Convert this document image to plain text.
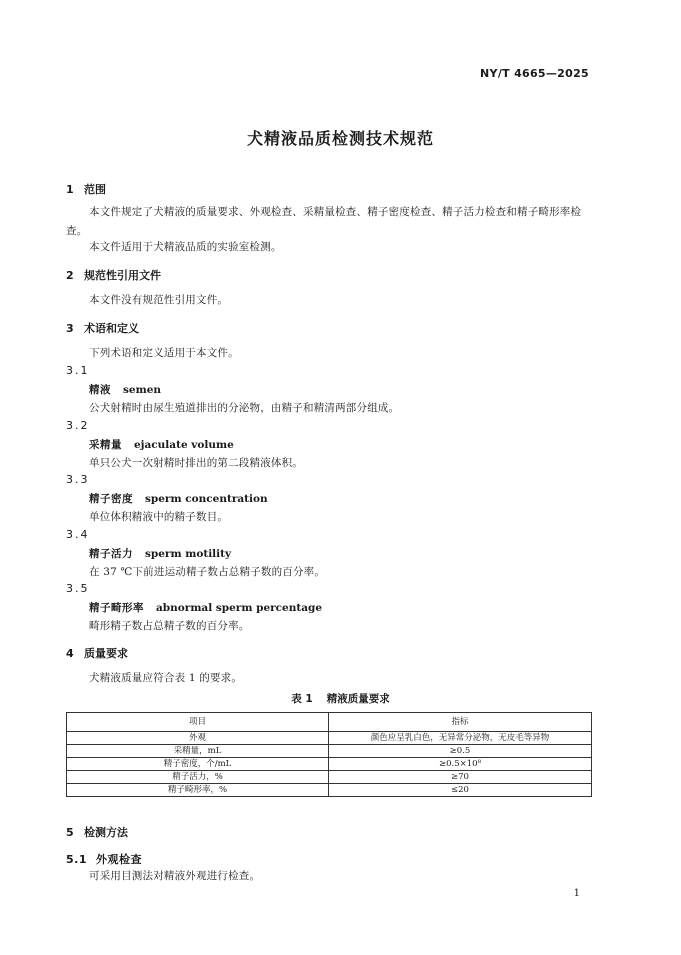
NY/T 4665—2025
犬精液品质检测技术规范
1 范围
本文件规定了犬精液的质量要求、外观检查、采精量检查、精子密度检查、精子活力检查和精子畸形率检查。
本文件适用于犬精液品质的实验室检测。
2 规范性引用文件
本文件没有规范性引用文件。
3 术语和定义
下列术语和定义适用于本文件。
3.1
精液 semen
公犬射精时由尿生殖道排出的分泌物，由精子和精清两部分组成。
3.2
采精量 ejaculate volume
单只公犬一次射精时排出的第二段精液体积。
3.3
精子密度 sperm concentration
单位体积精液中的精子数目。
3.4
精子活力 sperm motility
在 37 ℃下前进运动精子数占总精子数的百分率。
3.5
精子畸形率 abnormal sperm percentage
畸形精子数占总精子数的百分率。
4 质量要求
犬精液质量应符合表 1 的要求。
表 1 精液质量要求
项目	指标
外观	颜色应呈乳白色，无异常分泌物，无皮毛等异物
采精量，mL	≥0.5
精子密度，个/mL	≥0.5×10⁸
精子活力，%	≥70
精子畸形率，%	≤20
5 检测方法
5.1 外观检查
可采用目测法对精液外观进行检查。
1
